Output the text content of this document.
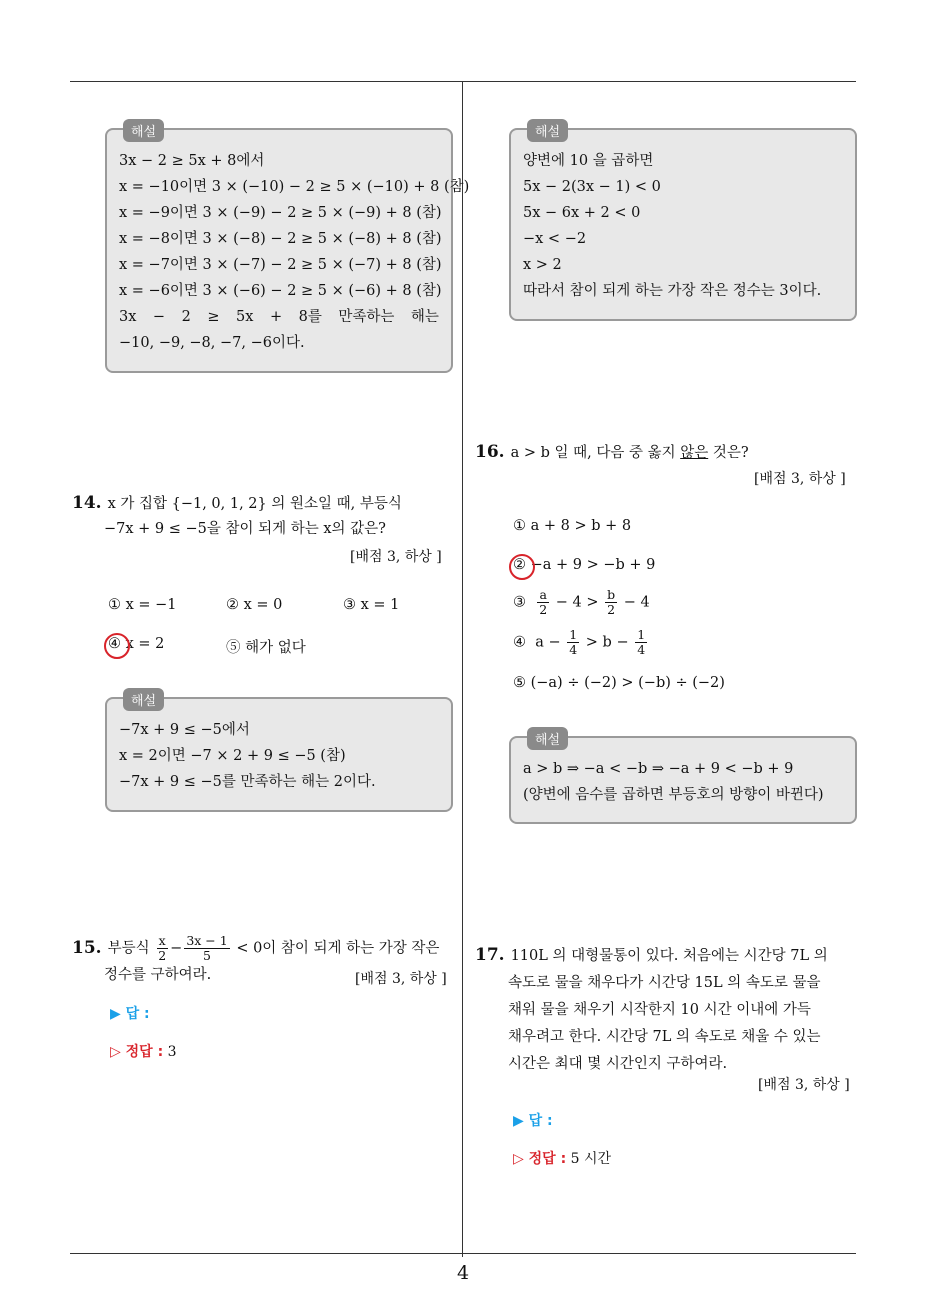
해설
3x − 2 ≥ 5x + 8에서
x = −10이면 3 × (−10) − 2 ≥ 5 × (−10) + 8 (참)
x = −9이면 3 × (−9) − 2 ≥ 5 × (−9) + 8 (참)
x = −8이면 3 × (−8) − 2 ≥ 5 × (−8) + 8 (참)
x = −7이면 3 × (−7) − 2 ≥ 5 × (−7) + 8 (참)
x = −6이면 3 × (−6) − 2 ≥ 5 × (−6) + 8 (참)
3x − 2 ≥ 5x + 8를 만족하는 해는
−10, −9, −8, −7, −6이다.
해설
양변에 10 을 곱하면
5x − 2(3x − 1) < 0
5x − 6x + 2 < 0
−x < −2
x > 2
따라서 참이 되게 하는 가장 작은 정수는 3이다.
14. x 가 집합 {−1, 0, 1, 2} 의 원소일 때, 부등식
−7x + 9 ≤ −5을 참이 되게 하는 x의 값은?
[배점 3, 하상 ]
① x = −1	② x = 0	③ x = 1
④ x = 2	⑤ 해가 없다
해설
−7x + 9 ≤ −5에서
x = 2이면 −7 × 2 + 9 ≤ −5 (참)
−7x + 9 ≤ −5를 만족하는 해는 2이다.
15. 부등식 $\frac{x}{2} - \frac{3x - 1}{5} < 0$이 참이 되게 하는 가장 작은
정수를 구하여라.	[배점 3, 하상 ]
▶ 답 :
▷ 정답 : 3
16. a > b 일 때, 다음 중 옳지 않은 것은?
[배점 3, 하상 ]
① a + 8 > b + 8
② −a + 9 > −b + 9
③ $\frac{a}{2} - 4 > \frac{b}{2} - 4$
④ $a - \frac{1}{4} > b - \frac{1}{4}$
⑤ (−a) ÷ (−2) > (−b) ÷ (−2)
해설
a > b ⇒ −a < −b ⇒ −a + 9 < −b + 9
(양변에 음수를 곱하면 부등호의 방향이 바뀐다)
17. 110L 의 대형물통이 있다. 처음에는 시간당 7L 의
속도로 물을 채우다가 시간당 15L 의 속도로 물을
채워 물을 채우기 시작한지 10 시간 이내에 가득
채우려고 한다. 시간당 7L 의 속도로 채울 수 있는
시간은 최대 몇 시간인지 구하여라.
[배점 3, 하상 ]
▶ 답 :
▷ 정답 : 5 시간
4
